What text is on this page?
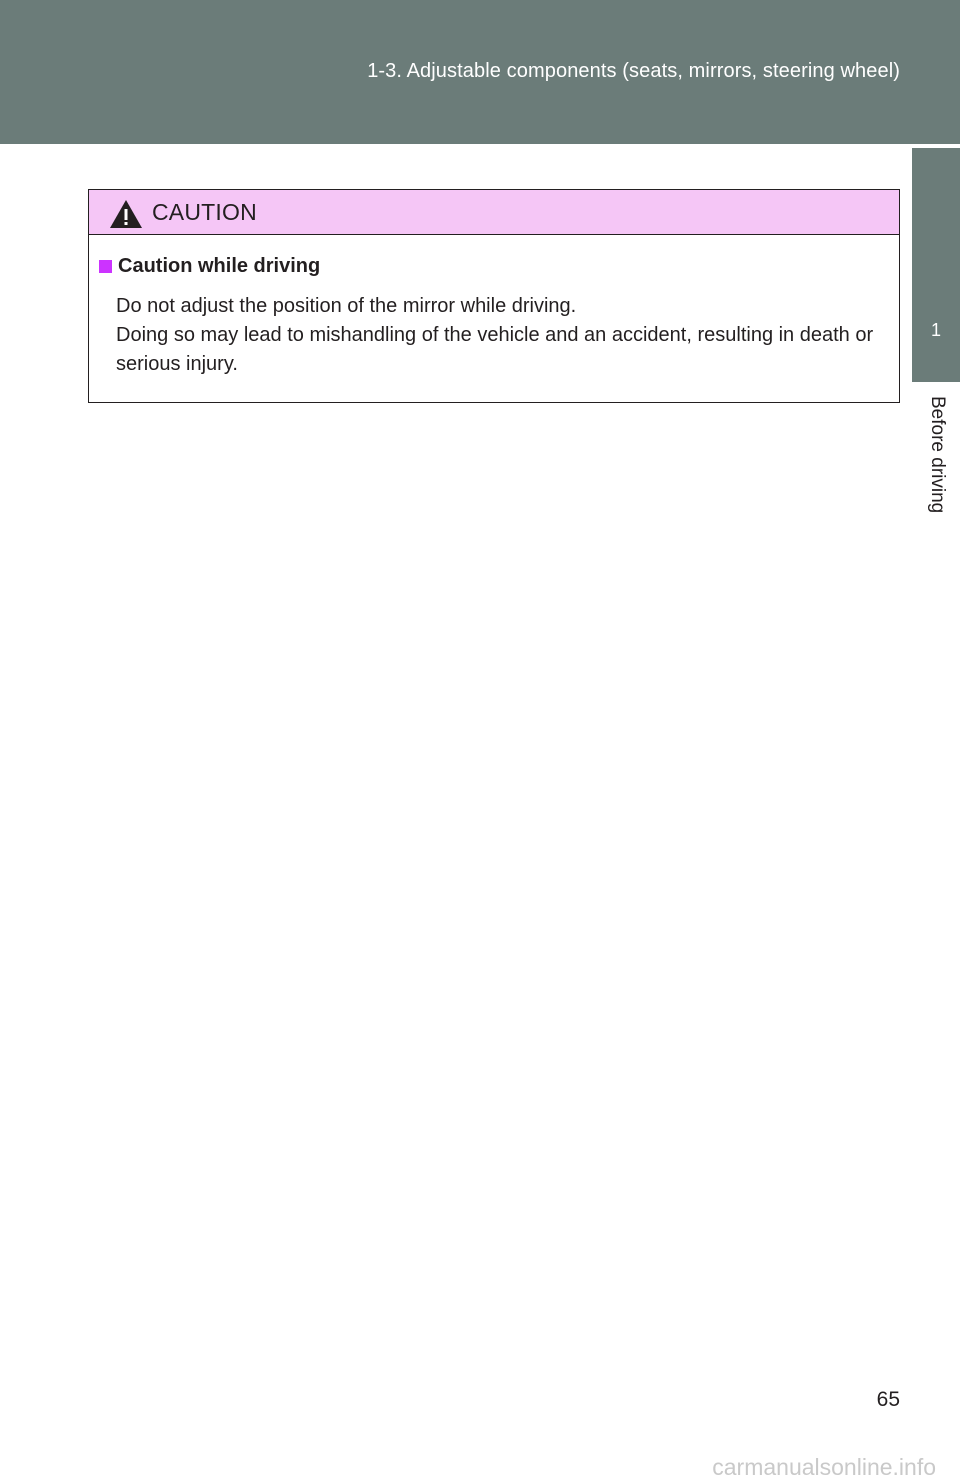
1-3. Adjustable components (seats, mirrors, steering wheel)
1
Before driving
CAUTION
Caution while driving

Do not adjust the position of the mirror while driving.

Doing so may lead to mishandling of the vehicle and an accident, resulting in death or serious injury.

65
carmanualsonline.info
